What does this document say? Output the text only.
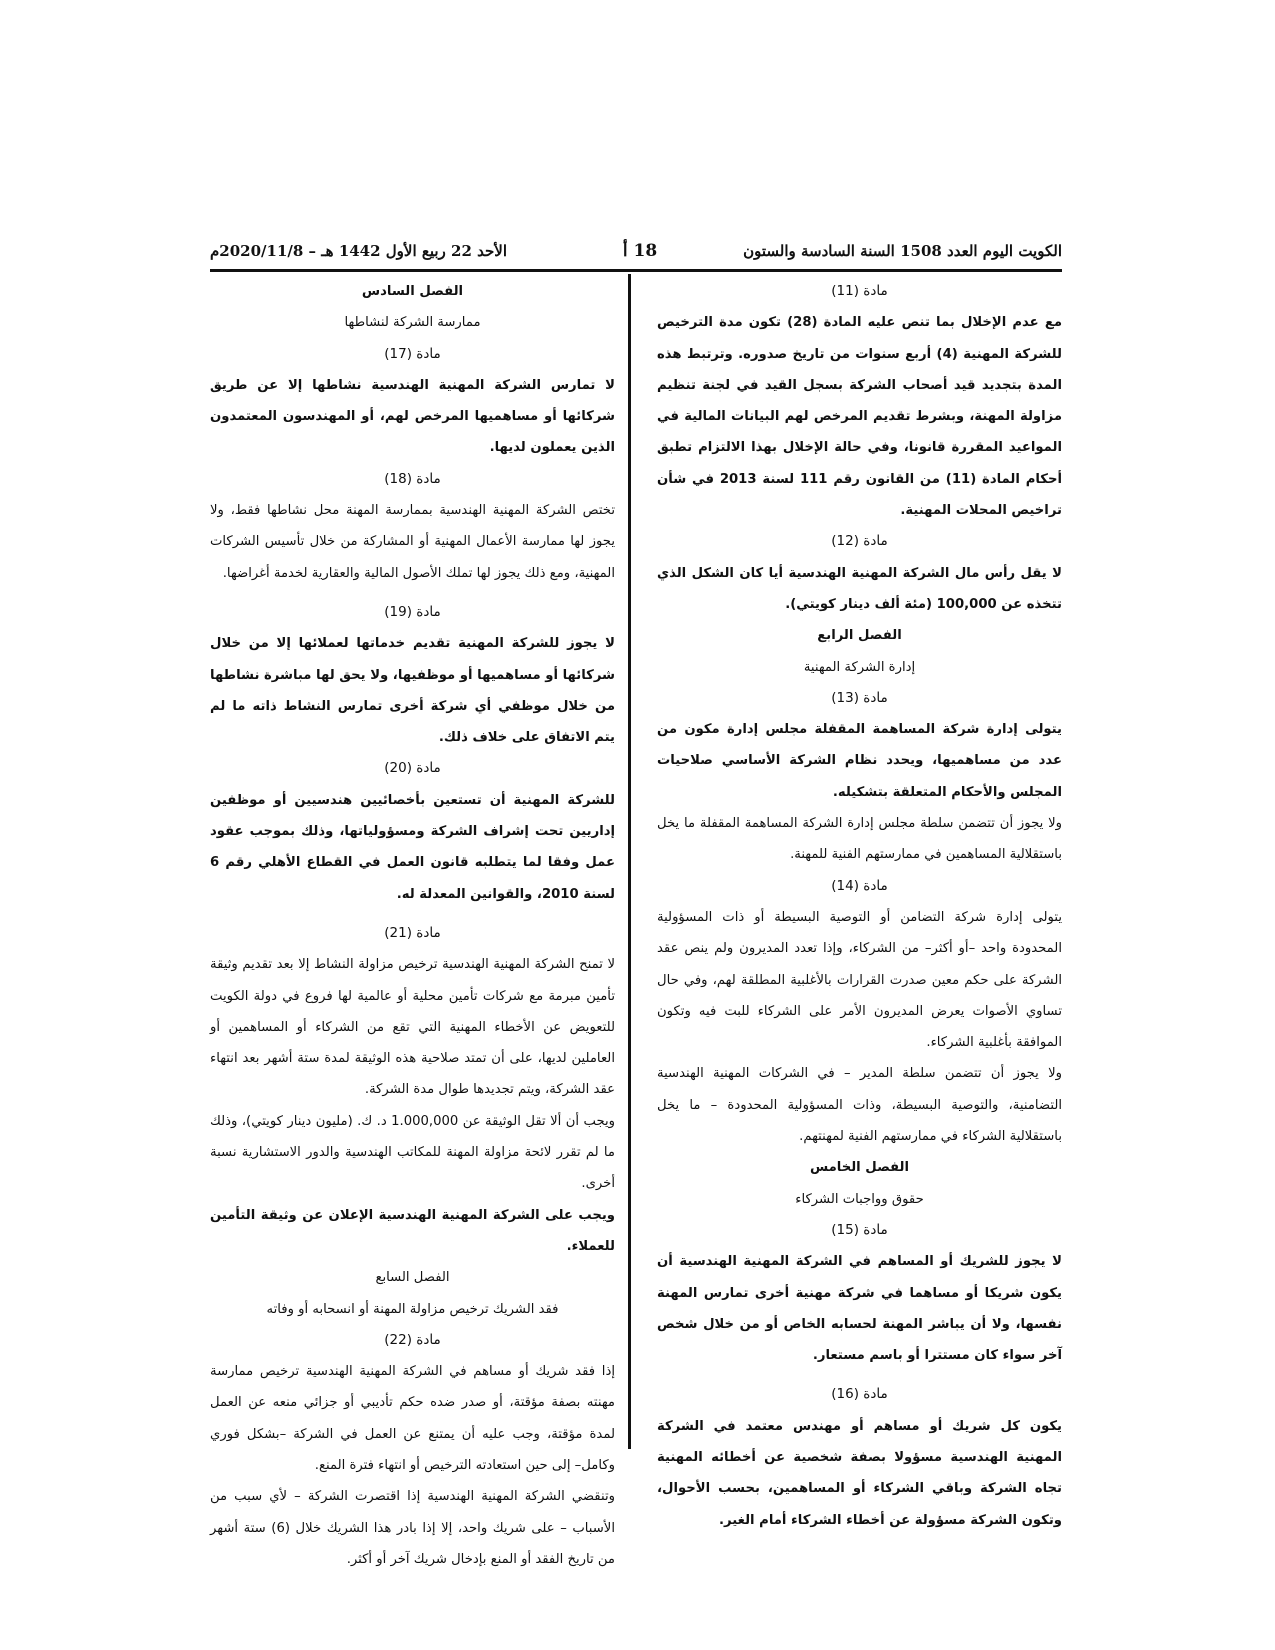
الكويت اليوم العدد 1508 السنة السادسة والستون
18 أ
الأحد 22 ربيع الأول 1442 هـ – 2020/11/8م

مادة (11)

مع عدم الإخلال بما تنص عليه المادة (28) تكون مدة الترخيص للشركة المهنية (4) أربع سنوات من تاريخ صدوره. وترتبط هذه المدة بتجديد قيد أصحاب الشركة بسجل القيد في لجنة تنظيم مزاولة المهنة، وبشرط تقديم المرخص لهم البيانات المالية في المواعيد المقررة قانونا، وفي حالة الإخلال بهذا الالتزام تطبق أحكام المادة (11) من القانون رقم 111 لسنة 2013 في شأن تراخيص المحلات المهنية.

مادة (12)

لا يقل رأس مال الشركة المهنية الهندسية أيا كان الشكل الذي تتخذه عن 100,000 (مئة ألف دينار كويتي).

الفصل الرابع

إدارة الشركة المهنية

مادة (13)

يتولى إدارة شركة المساهمة المقفلة مجلس إدارة مكون من عدد من مساهميها، ويحدد نظام الشركة الأساسي صلاحيات المجلس والأحكام المتعلقة بتشكيله.

ولا يجوز أن تتضمن سلطة مجلس إدارة الشركة المساهمة المقفلة ما يخل باستقلالية المساهمين في ممارستهم الفنية للمهنة.

مادة (14)

يتولى إدارة شركة التضامن أو التوصية البسيطة أو ذات المسؤولية المحدودة واحد –أو أكثر– من الشركاء، وإذا تعدد المديرون ولم ينص عقد الشركة على حكم معين صدرت القرارات بالأغلبية المطلقة لهم، وفي حال تساوي الأصوات يعرض المديرون الأمر على الشركاء للبت فيه وتكون الموافقة بأغلبية الشركاء.

ولا يجوز أن تتضمن سلطة المدير – في الشركات المهنية الهندسية التضامنية، والتوصية البسيطة، وذات المسؤولية المحدودة – ما يخل باستقلالية الشركاء في ممارستهم الفنية لمهنتهم.

الفصل الخامس

حقوق وواجبات الشركاء

مادة (15)

لا يجوز للشريك أو المساهم في الشركة المهنية الهندسية أن يكون شريكا أو مساهما في شركة مهنية أخرى تمارس المهنة نفسها، ولا أن يباشر المهنة لحسابه الخاص أو من خلال شخص آخر سواء كان مستترا أو باسم مستعار.

مادة (16)

يكون كل شريك أو مساهم أو مهندس معتمد في الشركة المهنية الهندسية مسؤولا بصفة شخصية عن أخطائه المهنية تجاه الشركة وباقي الشركاء أو المساهمين، بحسب الأحوال، وتكون الشركة مسؤولة عن أخطاء الشركاء أمام الغير.

الفصل السادس

ممارسة الشركة لنشاطها

مادة (17)

لا تمارس الشركة المهنية الهندسية نشاطها إلا عن طريق شركائها أو مساهميها المرخص لهم، أو المهندسون المعتمدون الذين يعملون لديها.

مادة (18)

تختص الشركة المهنية الهندسية بممارسة المهنة محل نشاطها فقط، ولا يجوز لها ممارسة الأعمال المهنية أو المشاركة من خلال تأسيس الشركات المهنية، ومع ذلك يجوز لها تملك الأصول المالية والعقارية لخدمة أغراضها.

مادة (19)

لا يجوز للشركة المهنية تقديم خدماتها لعملائها إلا من خلال شركائها أو مساهميها أو موظفيها، ولا يحق لها مباشرة نشاطها من خلال موظفي أي شركة أخرى تمارس النشاط ذاته ما لم يتم الاتفاق على خلاف ذلك.

مادة (20)

للشركة المهنية أن تستعين بأخصائيين هندسيين أو موظفين إداريين تحت إشراف الشركة ومسؤولياتها، وذلك بموجب عقود عمل وفقا لما يتطلبه قانون العمل في القطاع الأهلي رقم 6 لسنة 2010، والقوانين المعدلة له.

مادة (21)

لا تمنح الشركة المهنية الهندسية ترخيص مزاولة النشاط إلا بعد تقديم وثيقة تأمين مبرمة مع شركات تأمين محلية أو عالمية لها فروع في دولة الكويت للتعويض عن الأخطاء المهنية التي تقع من الشركاء أو المساهمين أو العاملين لديها، على أن تمتد صلاحية هذه الوثيقة لمدة ستة أشهر بعد انتهاء عقد الشركة، ويتم تجديدها طوال مدة الشركة.

ويجب أن ألا تقل الوثيقة عن 1.000,000 د. ك. (مليون دينار كويتي)، وذلك ما لم تقرر لائحة مزاولة المهنة للمكاتب الهندسية والدور الاستشارية نسبة أخرى.

ويجب على الشركة المهنية الهندسية الإعلان عن وثيقة التأمين للعملاء.

الفصل السابع

فقد الشريك ترخيص مزاولة المهنة أو انسحابه أو وفاته

مادة (22)

إذا فقد شريك أو مساهم في الشركة المهنية الهندسية ترخيص ممارسة مهنته بصفة مؤقتة، أو صدر ضده حكم تأديبي أو جزائي منعه عن العمل لمدة مؤقتة، وجب عليه أن يمتنع عن العمل في الشركة –بشكل فوري وكامل– إلى حين استعادته الترخيص أو انتهاء فترة المنع.

وتنقضي الشركة المهنية الهندسية إذا اقتصرت الشركة – لأي سبب من الأسباب – على شريك واحد، إلا إذا بادر هذا الشريك خلال (6) ستة أشهر من تاريخ الفقد أو المنع بإدخال شريك آخر أو أكثر.
